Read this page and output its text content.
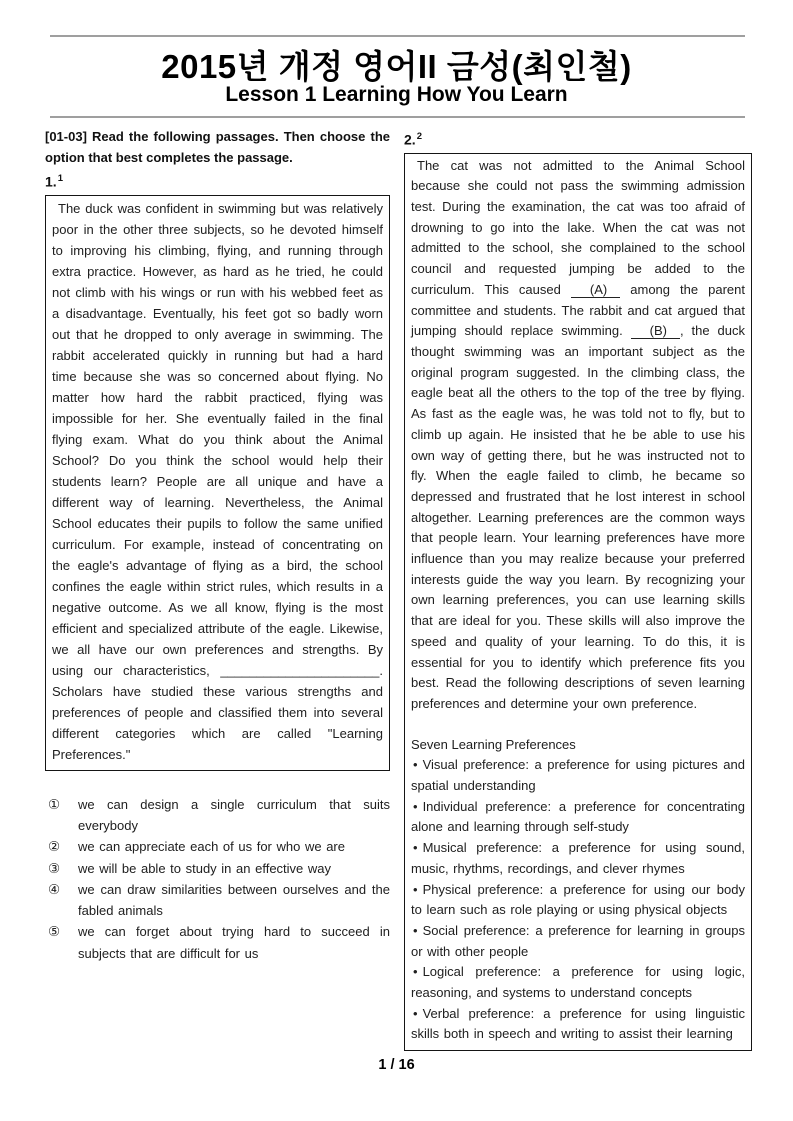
2015년 개정 영어II 금성(최인철)
Lesson 1 Learning How You Learn

[01-03] Read the following passages. Then choose the option that best completes the passage.

1.$^1$

The duck was confident in swimming but was relatively poor in the other three subjects, so he devoted himself to improving his climbing, flying, and running through extra practice. However, as hard as he tried, he could not climb with his wings or run with his webbed feet as a disadvantage. Eventually, his feet got so badly worn out that he dropped to only average in swimming. The rabbit accelerated quickly in running but had a hard time because she was so concerned about flying. No matter how hard the rabbit practiced, flying was impossible for her. She eventually failed in the final flying exam. What do you think about the Animal School? Do you think the school would help their students learn? People are all unique and have a different way of learning. Nevertheless, the Animal School educates their pupils to follow the same unified curriculum. For example, instead of concentrating on the eagle's advantage of flying as a bird, the school confines the eagle within strict rules, which results in a negative outcome. As we all know, flying is the most efficient and specialized attribute of the eagle. Likewise, we all have our own preferences and strengths. By using our characteristics, ______________________. Scholars have studied these various strengths and preferences of people and classified them into several different categories which are called "Learning Preferences."

①	we can design a single curriculum that suits everybody
②	we can appreciate each of us for who we are
③	we will be able to study in an effective way
④	we can draw similarities between ourselves and the fabled animals
⑤	we can forget about trying hard to succeed in subjects that are difficult for us

2.$^2$

The cat was not admitted to the Animal School because she could not pass the swimming admission test. During the examination, the cat was too afraid of drowning to go into the lake. When the cat was not admitted to the school, she complained to the school council and requested jumping be added to the curriculum. This caused (A) among the parent committee and students. The rabbit and cat argued that jumping should replace swimming. (B) , the duck thought swimming was an important subject as the original program suggested. In the climbing class, the eagle beat all the others to the top of the tree by flying. As fast as the eagle was, he was told not to fly, but to climb up again. He insisted that he be able to use his own way of getting there, but he was instructed not to fly. When the eagle failed to climb, he became so depressed and frustrated that he lost interest in school altogether. Learning preferences are the common ways that people learn. Your learning preferences have more influence than you may realize because your preferred interests guide the way you learn. By recognizing your own learning preferences, you can use learning skills that are ideal for you. These skills will also improve the speed and quality of your learning. To do this, it is essential for you to identify which preference fits you best. Read the following descriptions of seven learning preferences and determine your own preference.

Seven Learning Preferences

• Visual preference: a preference for using pictures and spatial understanding

• Individual preference: a preference for concentrating alone and learning through self-study

• Musical preference: a preference for using sound, music, rhythms, recordings, and clever rhymes

• Physical preference: a preference for using our body to learn such as role playing or using physical objects

• Social preference: a preference for learning in groups or with other people

• Logical preference: a preference for using logic, reasoning, and systems to understand concepts

• Verbal preference: a preference for using linguistic skills both in speech and writing to assist their learning

1 / 16
